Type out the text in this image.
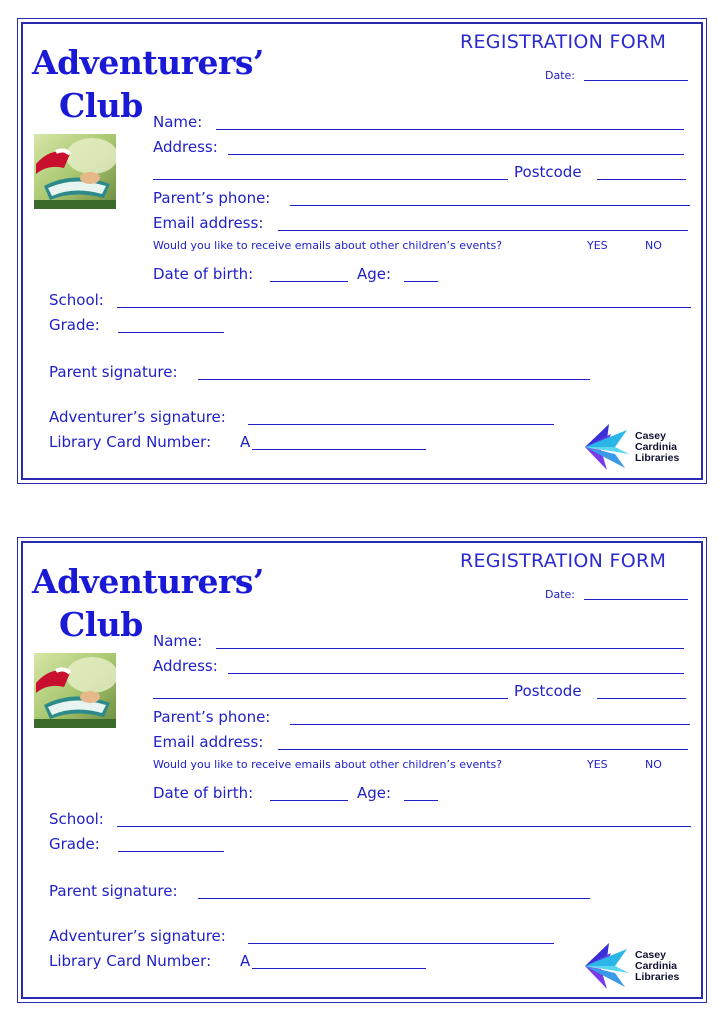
Adventurers’
Club
REGISTRATION FORM
Date:
Name:
Address:
Postcode
Parent’s phone:
Email address:
Would you like to receive emails about other children’s events?	YES	NO
Date of birth:	Age:
School:
Grade:
Parent signature:
Adventurer’s signature:
Library Card Number: A	Casey
Cardinia
Libraries
Adventurers’
Club
REGISTRATION FORM
Date:
Name:
Address:
Postcode
Parent’s phone:
Email address:
Would you like to receive emails about other children’s events?	YES	NO
Date of birth:	Age:
School:
Grade:
Parent signature:
Adventurer’s signature:
Library Card Number: A	Casey
Cardinia
Libraries
